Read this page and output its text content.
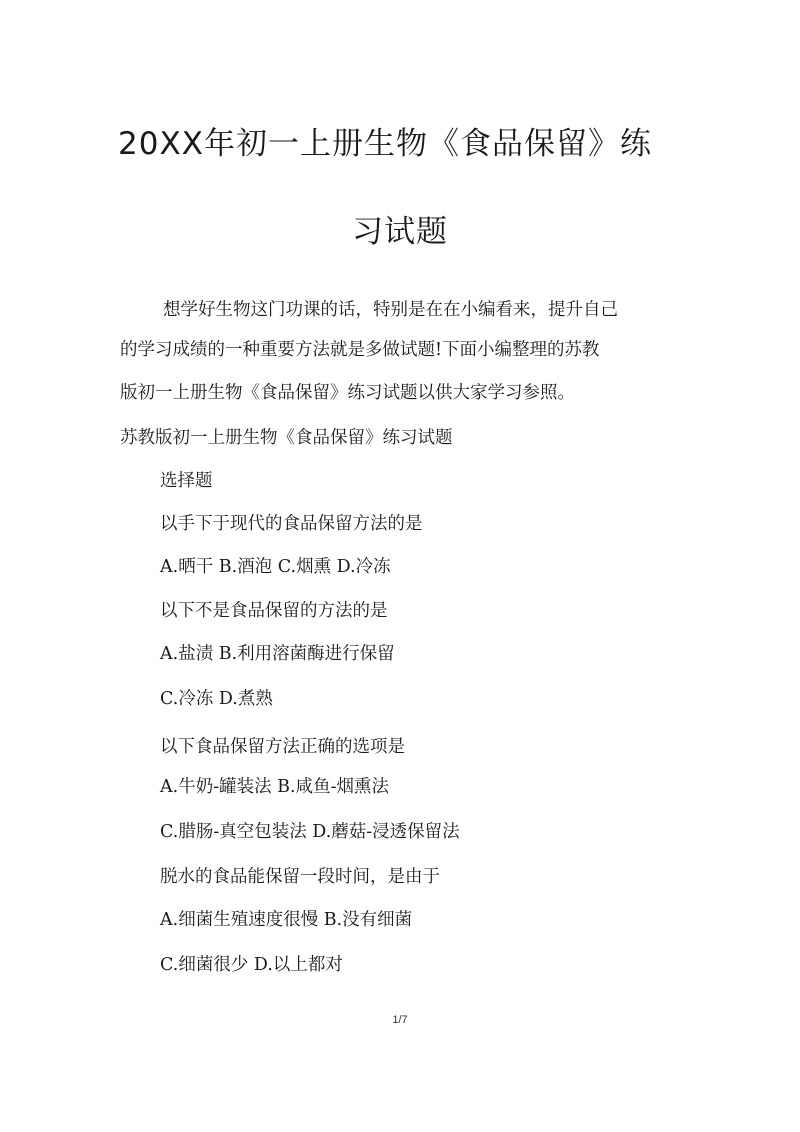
20XX年初一上册生物《食品保留》练
习试题

想学好生物这门功课的话，特别是在在小编看来，提升自己

的学习成绩的一种重要方法就是多做试题!下面小编整理的苏教

版初一上册生物《食品保留》练习试题以供大家学习参照。

苏教版初一上册生物《食品保留》练习试题

选择题

以手下于现代的食品保留方法的是

A.晒干 B.酒泡 C.烟熏 D.冷冻

以下不是食品保留的方法的是

A.盐渍 B.利用溶菌酶进行保留

C.冷冻 D.煮熟

以下食品保留方法正确的选项是

A.牛奶-罐装法 B.咸鱼-烟熏法

C.腊肠-真空包装法 D.蘑菇-浸透保留法

脱水的食品能保留一段时间，是由于

A.细菌生殖速度很慢 B.没有细菌

C.细菌很少 D.以上都对

1/7
